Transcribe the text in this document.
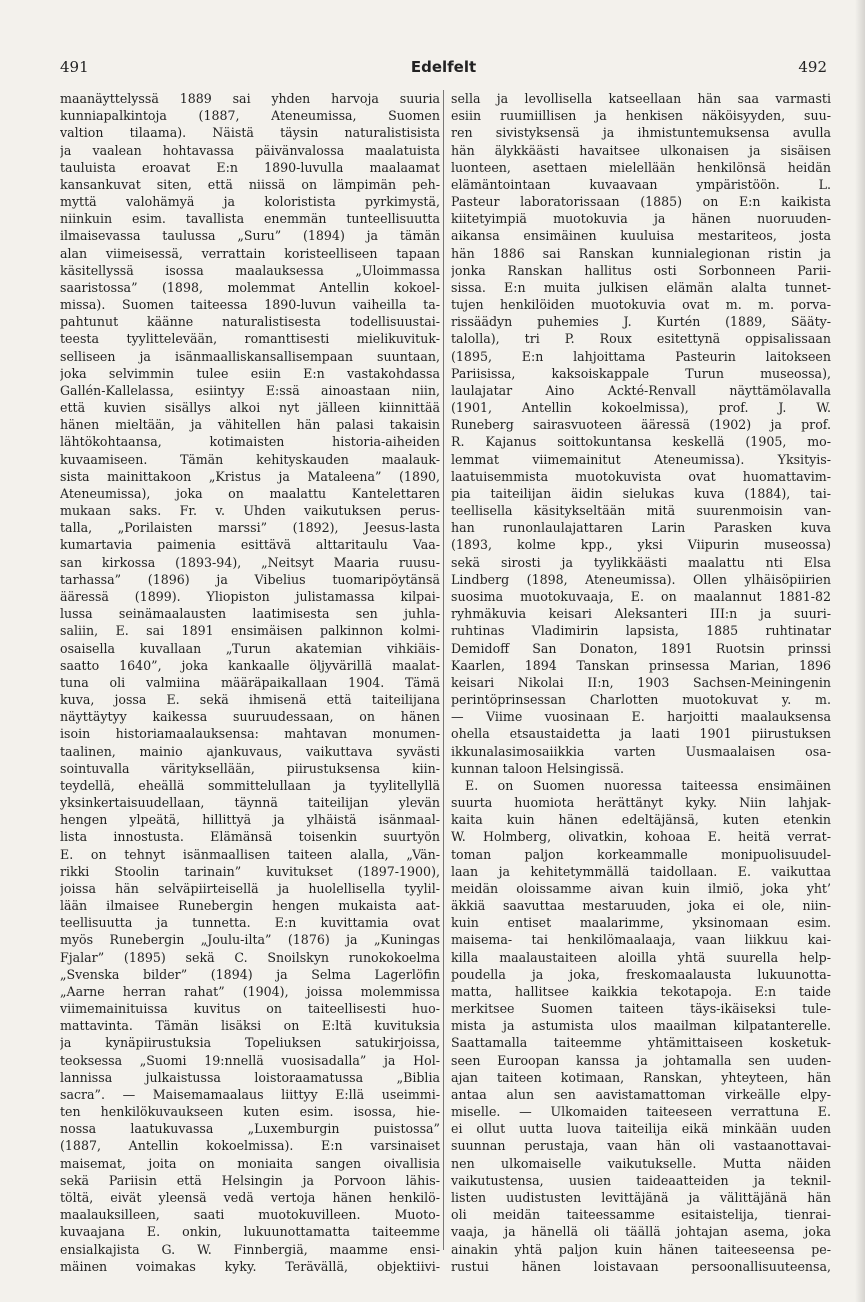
491	Edelfelt	492
maanäyttelyssä 1889 sai yhden harvoja suuria
kunniapalkintoja (1887, Ateneumissa, Suomen
valtion tilaama). Näistä täysin naturalistisista
ja vaalean hohtavassa päivänvalossa maalatuista
tauluista eroavat E:n 1890-luvulla maalaamat
kansankuvat siten, että niissä on lämpimän peh-
myttä valohämyä ja koloristista pyrkimystä,
niinkuin esim. tavallista enemmän tunteellisuutta
ilmaisevassa taulussa „Suru” (1894) ja tämän
alan viimeisessä, verrattain koristeelliseen tapaan
käsitellyssä isossa maalauksessa „Uloimmassa
saaristossa” (1898, molemmat Antellin kokoel-
missa). Suomen taiteessa 1890-luvun vaiheilla ta-
pahtunut käänne naturalistisesta todellisuustai-
teesta tyylittelevään, romanttisesti mielikuvituk-
selliseen ja isänmaalliskansallisempaan suuntaan,
joka selvimmin tulee esiin E:n vastakohdassa
Gallén-Kallelassa, esiintyy E:ssä ainoastaan niin,
että kuvien sisällys alkoi nyt jälleen kiinnittää
hänen mieltään, ja vähitellen hän palasi takaisin
lähtökohtaansa, kotimaisten historia-aiheiden
kuvaamiseen. Tämän kehityskauden maalauk-
sista mainittakoon „Kristus ja Mataleena” (1890,
Ateneumissa), joka on maalattu Kantelettaren
mukaan saks. Fr. v. Uhden vaikutuksen perus-
talla, „Porilaisten marssi” (1892), Jeesus-lasta
kumartavia paimenia esittävä alttaritaulu Vaa-
san kirkossa (1893-94), „Neitsyt Maaria ruusu-
tarhassa” (1896) ja Vibelius tuomaripöytänsä
ääressä (1899). Yliopiston julistamassa kilpai-
lussa seinämaalausten laatimisesta sen juhla-
saliin, E. sai 1891 ensimäisen palkinnon kolmi-
osaisella kuvallaan „Turun akatemian vihkiäis-
saatto 1640”, joka kankaalle öljyvärillä maalat-
tuna oli valmiina määräpaikallaan 1904. Tämä
kuva, jossa E. sekä ihmisenä että taiteilijana
näyttäytyy kaikessa suuruudessaan, on hänen
isoin historiamaalauksensa: mahtavan monumen-
taalinen, mainio ajankuvaus, vaikuttava syvästi
sointuvalla värityksellään, piirustuksensa kiin-
teydellä, eheällä sommittelullaan ja tyylitellyllä
yksinkertaisuudellaan, täynnä taiteilijan ylevän
hengen ylpeätä, hillittyä ja ylhäistä isänmaal-
lista innostusta. Elämänsä toisenkin suurtyön
E. on tehnyt isänmaallisen taiteen alalla, „Vän-
rikki Stoolin tarinain” kuvitukset (1897-1900),
joissa hän selväpiirteisellä ja huolellisella tyylil-
lään ilmaisee Runebergin hengen mukaista aat-
teellisuutta ja tunnetta. E:n kuvittamia ovat
myös Runebergin „Joulu-ilta” (1876) ja „Kuningas
Fjalar” (1895) sekä C. Snoilskyn runokokoelma
„Svenska bilder” (1894) ja Selma Lagerlöfin
„Aarne herran rahat” (1904), joissa molemmissa
viimemainituissa kuvitus on taiteellisesti huo-
mattavinta. Tämän lisäksi on E:ltä kuvituksia
ja kynäpiirustuksia Topeliuksen satukirjoissa,
teoksessa „Suomi 19:nnellä vuosisadalla” ja Hol-
lannissa julkaistussa loistoraamatussa „Biblia
sacra”. — Maisemamaalaus liittyy E:llä useimmi-
ten henkilökuvaukseen kuten esim. isossa, hie-
nossa laatukuvassa „Luxemburgin puistossa”
(1887, Antellin kokoelmissa). E:n varsinaiset
maisemat, joita on moniaita sangen oivallisia
sekä Pariisin että Helsingin ja Porvoon lähis-
töltä, eivät yleensä vedä vertoja hänen henkilö-
maalauksilleen, saati muotokuvilleen. Muoto-
kuvaajana E. onkin, lukuunottamatta taiteemme
ensialkajista G. W. Finnbergiä, maamme ensi-
mäinen voimakas kyky. Terävällä, objektiivi-
sella ja levollisella katseellaan hän saa varmasti
esiin ruumiillisen ja henkisen näköisyyden, suu-
ren sivistyksensä ja ihmistuntemuksensa avulla
hän älykkäästi havaitsee ulkonaisen ja sisäisen
luonteen, asettaen mielellään henkilönsä heidän
elämäntointaan kuvaavaan ympäristöön. L.
Pasteur laboratorissaan (1885) on E:n kaikista
kiitetyimpiä muotokuvia ja hänen nuoruuden-
aikansa ensimäinen kuuluisa mestariteos, josta
hän 1886 sai Ranskan kunnialegionan ristin ja
jonka Ranskan hallitus osti Sorbonneen Parii-
sissa. E:n muita julkisen elämän alalta tunnet-
tujen henkilöiden muotokuvia ovat m. m. porva-
rissäädyn puhemies J. Kurtén (1889, Sääty-
talolla), tri P. Roux esitettynä oppisalissaan
(1895, E:n lahjoittama Pasteurin laitokseen
Pariisissa, kaksoiskappale Turun museossa),
laulajatar Aino Ackté-Renvall näyttämölavalla
(1901, Antellin kokoelmissa), prof. J. W.
Runeberg sairasvuoteen ääressä (1902) ja prof.
R. Kajanus soittokuntansa keskellä (1905, mo-
lemmat viimemainitut Ateneumissa). Yksityis-
laatuisemmista muotokuvista ovat huomattavim-
pia taiteilijan äidin sielukas kuva (1884), tai-
teellisella käsitykseltään mitä suurenmoisin van-
han runonlaulajattaren Larin Parasken kuva
(1893, kolme kpp., yksi Viipurin museossa)
sekä sirosti ja tyylikkäästi maalattu nti Elsa
Lindberg (1898, Ateneumissa). Ollen ylhäisöpiirien
suosima muotokuvaaja, E. on maalannut 1881-82
ryhmäkuvia keisari Aleksanteri III:n ja suuri-
ruhtinas Vladimirin lapsista, 1885 ruhtinatar
Demidoff San Donaton, 1891 Ruotsin prinssi
Kaarlen, 1894 Tanskan prinsessa Marian, 1896
keisari Nikolai II:n, 1903 Sachsen-Meiningenin
perintöprinsessan Charlotten muotokuvat y. m.
— Viime vuosinaan E. harjoitti maalauksensa
ohella etsaustaidetta ja laati 1901 piirustuksen
ikkunalasimosaiikkia varten Uusmaalaisen osa-
kunnan taloon Helsingissä.
E. on Suomen nuoressa taiteessa ensimäinen
suurta huomiota herättänyt kyky. Niin lahjak-
kaita kuin hänen edeltäjänsä, kuten etenkin
W. Holmberg, olivatkin, kohoaa E. heitä verrat-
toman paljon korkeammalle monipuolisuudel-
laan ja kehitetymmällä taidollaan. E. vaikuttaa
meidän oloissamme aivan kuin ilmiö, joka yht’
äkkiä saavuttaa mestaruuden, joka ei ole, niin-
kuin entiset maalarimme, yksinomaan esim.
maisema- tai henkilömaalaaja, vaan liikkuu kai-
killa maalaustaiteen aloilla yhtä suurella help-
poudella ja joka, freskomaalausta lukuunotta-
matta, hallitsee kaikkia tekotapoja. E:n taide
merkitsee Suomen taiteen täys-ikäiseksi tule-
mista ja astumista ulos maailman kilpatanterelle.
Saattamalla taiteemme yhtämittaiseen kosketuk-
seen Euroopan kanssa ja johtamalla sen uuden-
ajan taiteen kotimaan, Ranskan, yhteyteen, hän
antaa alun sen aavistamattoman virkeälle elpy-
miselle. — Ulkomaiden taiteeseen verrattuna E.
ei ollut uutta luova taiteilija eikä minkään uuden
suunnan perustaja, vaan hän oli vastaanottavai-
nen ulkomaiselle vaikutukselle. Mutta näiden
vaikutustensa, uusien taideaatteiden ja teknil-
listen uudistusten levittäjänä ja välittäjänä hän
oli meidän taiteessamme esitaistelija, tienrai-
vaaja, ja hänellä oli täällä johtajan asema, joka
ainakin yhtä paljon kuin hänen taiteeseensa pe-
rustui hänen loistavaan persoonallisuuteensa,
